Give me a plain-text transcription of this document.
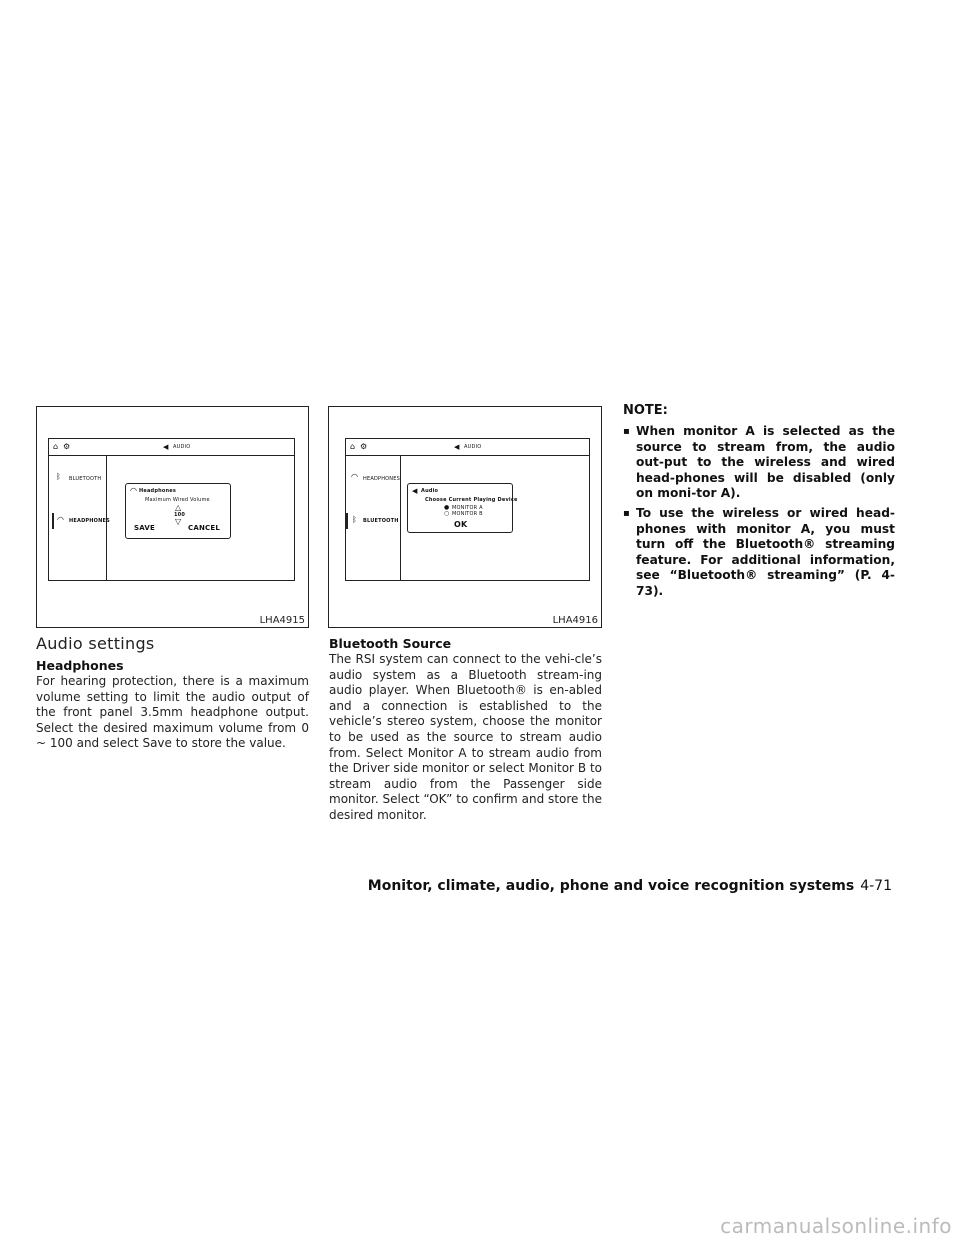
⌂ ⚙	◀︎ AUDIO
ᛒ BLUETOOTH
◠ HEADPHONES
◠ Headphones
Maximum Wired Volume
△
100
▽
SAVE	CANCEL
LHA4915
⌂ ⚙	◀︎ AUDIO
◠ HEADPHONES
ᛒ BLUETOOTH
◀︎ Audio
Choose Current Playing Device
● MONITOR A
○ MONITOR B
OK
LHA4916
Audio settings
Headphones
For hearing protection, there is a maximum volume setting to limit the audio output of the front panel 3.5mm headphone output. Select the desired maximum volume from 0 ~ 100 and select Save to store the value.
Bluetooth Source
The RSI system can connect to the vehi-cle’s audio system as a Bluetooth stream-ing audio player. When Bluetooth® is en-abled and a connection is established to the vehicle’s stereo system, choose the monitor to be used as the source to stream audio from. Select Monitor A to stream audio from the Driver side monitor or select Monitor B to stream audio from the Passenger side monitor. Select “OK” to confirm and store the desired monitor.
NOTE:
▪ When monitor A is selected as the source to stream from, the audio out-put to the wireless and wired head-phones will be disabled (only on moni-tor A).
▪ To use the wireless or wired head-phones with monitor A, you must turn off the Bluetooth® streaming feature. For additional information, see “Bluetooth® streaming” (P. 4-73).
Monitor, climate, audio, phone and voice recognition systems 4-71
carmanualsonline.info
